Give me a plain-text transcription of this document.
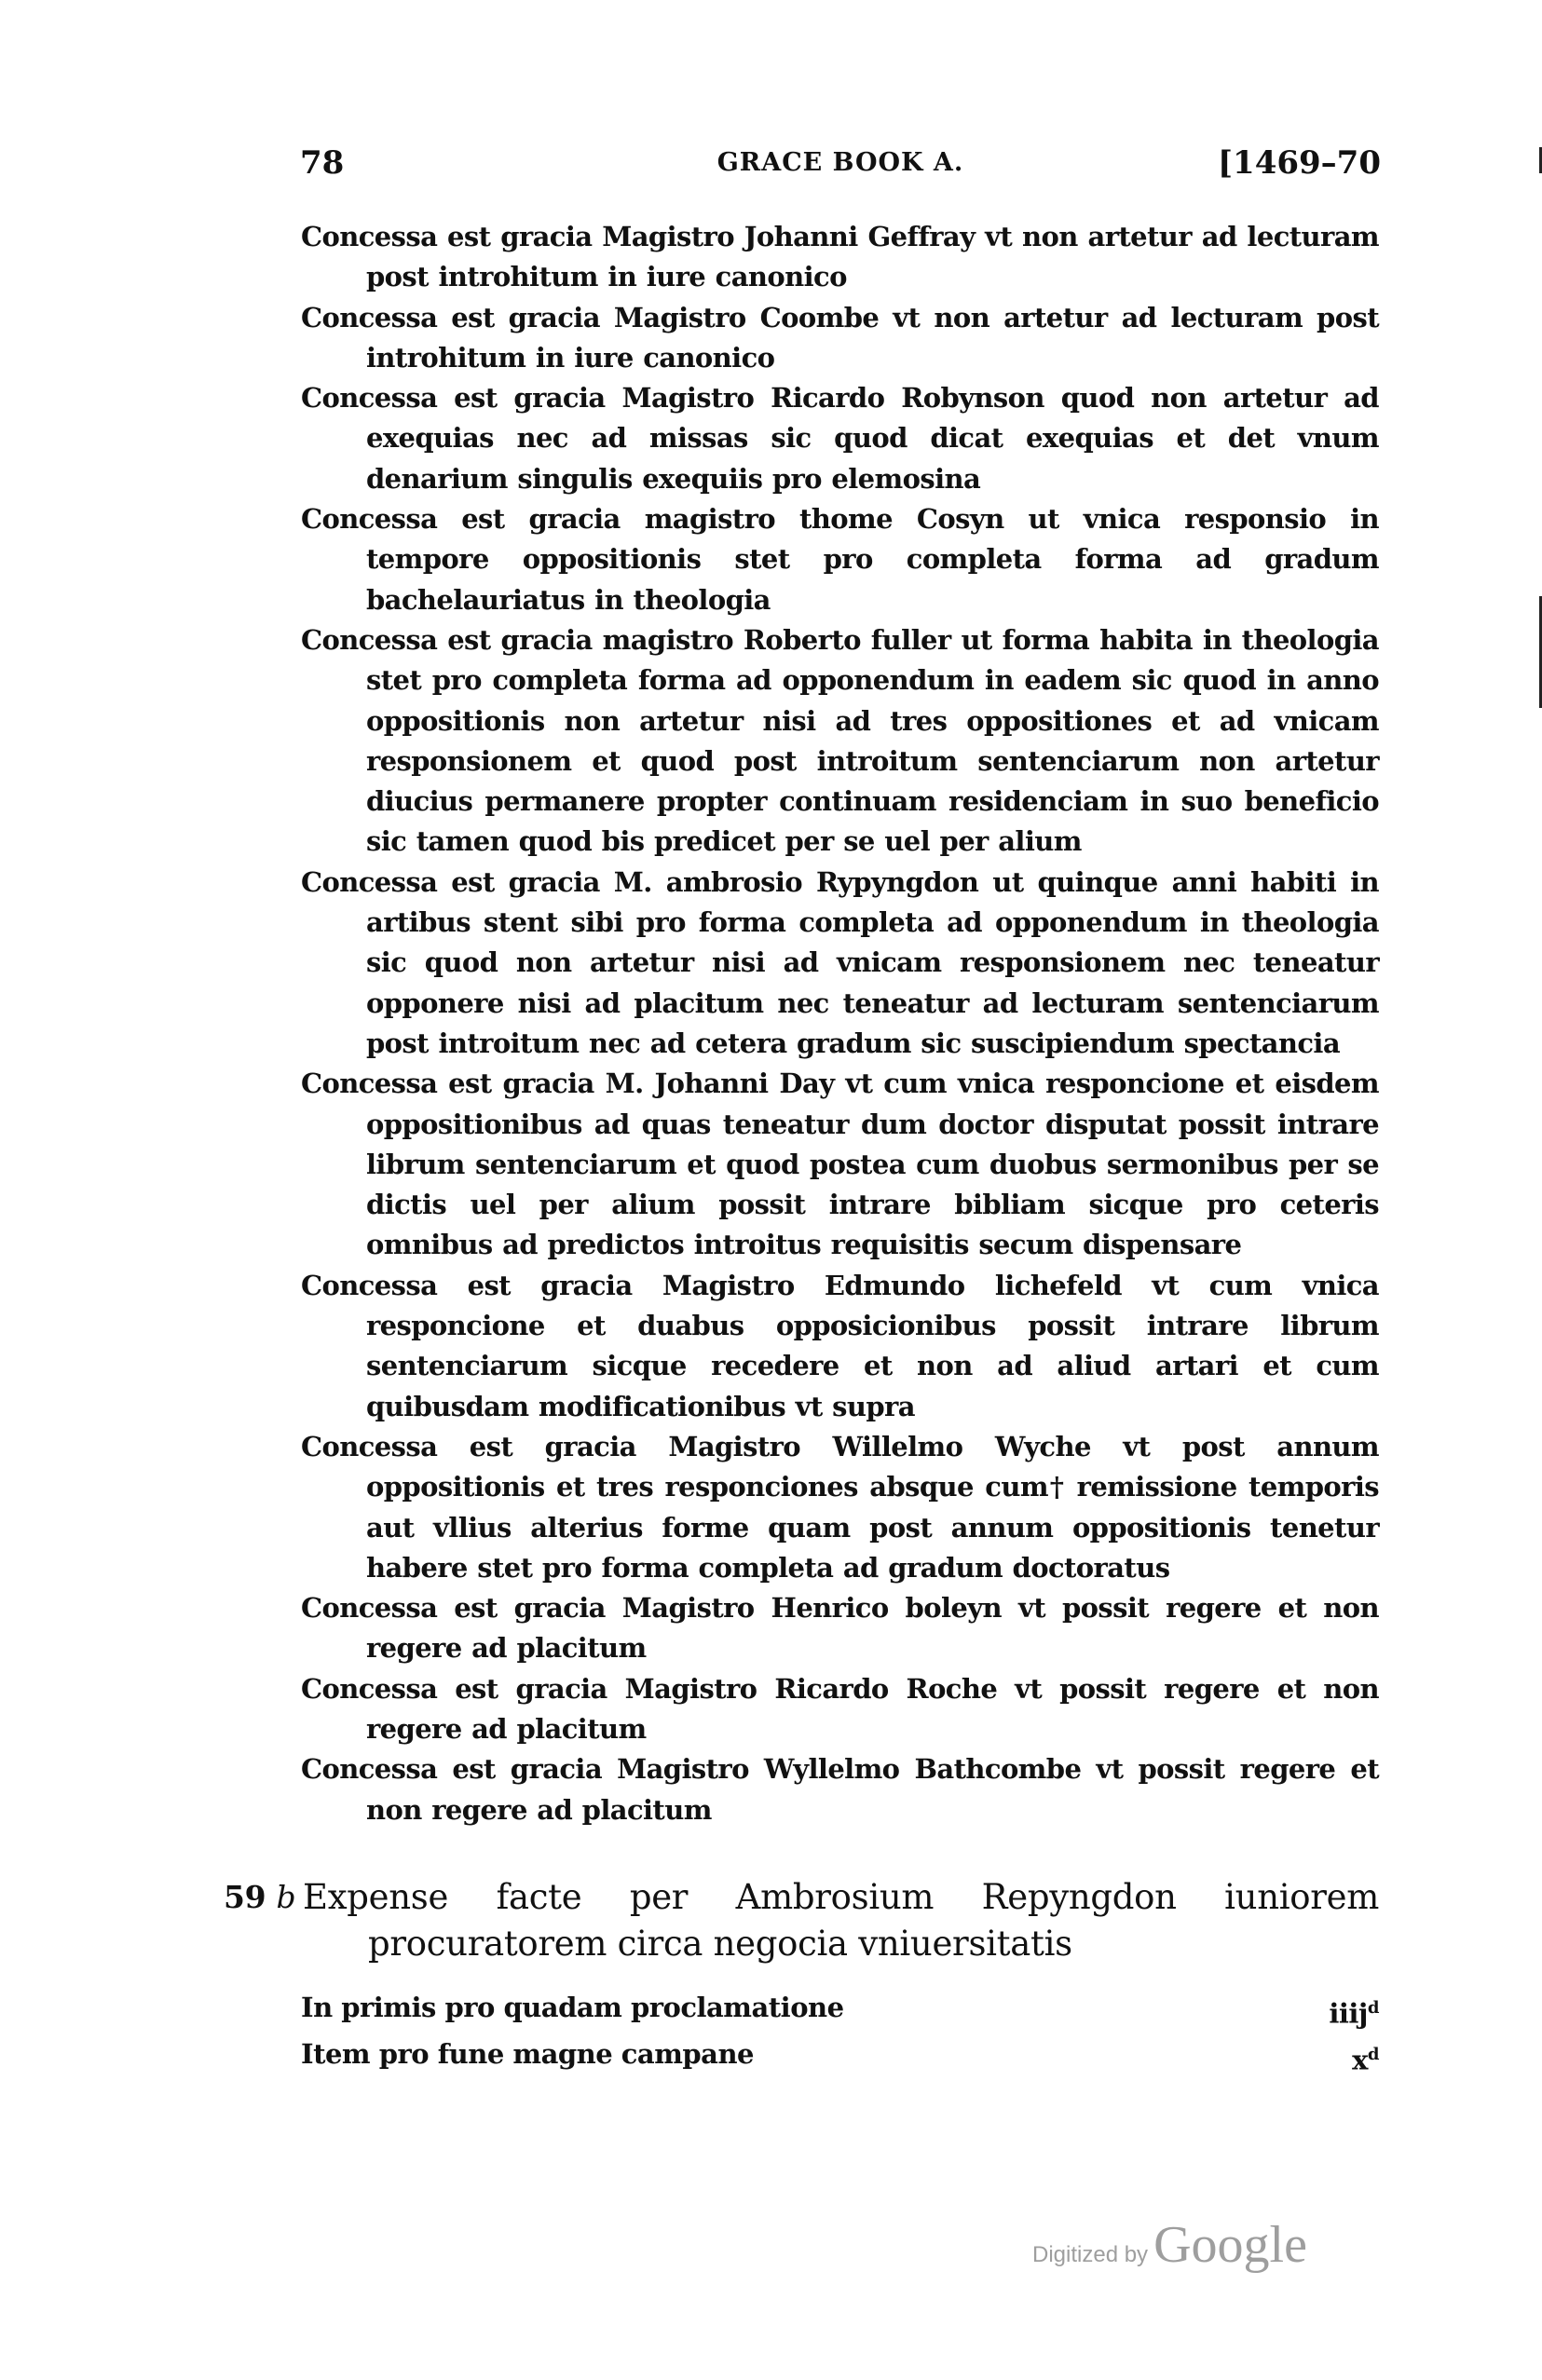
78	GRACE BOOK A.	[1469–70

Concessa est gracia Magistro Johanni Geffray vt non artetur ad lecturam post introhitum in iure canonico

Concessa est gracia Magistro Coombe vt non artetur ad lecturam post introhitum in iure canonico

Concessa est gracia Magistro Ricardo Robynson quod non artetur ad exequias nec ad missas sic quod dicat exequias et det vnum denarium singulis exequiis pro elemosina

Concessa est gracia magistro thome Cosyn ut vnica responsio in tempore oppositionis stet pro completa forma ad gradum bachelauriatus in theologia

Concessa est gracia magistro Roberto fuller ut forma habita in theologia stet pro completa forma ad opponendum in eadem sic quod in anno oppositionis non artetur nisi ad tres oppositiones et ad vnicam responsionem et quod post introitum sentenciarum non artetur diucius permanere propter continuam residenciam in suo beneficio sic tamen quod bis predicet per se uel per alium

Concessa est gracia M. ambrosio Rypyngdon ut quinque anni habiti in artibus stent sibi pro forma completa ad opponendum in theologia sic quod non artetur nisi ad vnicam responsionem nec teneatur opponere nisi ad placitum nec teneatur ad lecturam sentenciarum post introitum nec ad cetera gradum sic suscipiendum spectancia

Concessa est gracia M. Johanni Day vt cum vnica responcione et eisdem oppositionibus ad quas teneatur dum doctor disputat possit intrare librum sentenciarum et quod postea cum duobus sermonibus per se dictis uel per alium possit intrare bibliam sicque pro ceteris omnibus ad predictos introitus requisitis secum dispensare

Concessa est gracia Magistro Edmundo lichefeld vt cum vnica responcione et duabus opposicionibus possit intrare librum sentenciarum sicque recedere et non ad aliud artari et cum quibusdam modificationibus vt supra

Concessa est gracia Magistro Willelmo Wyche vt post annum oppositionis et tres responciones absque cum† remissione temporis aut vllius alterius forme quam post annum oppositionis tenetur habere stet pro forma completa ad gradum doctoratus

Concessa est gracia Magistro Henrico boleyn vt possit regere et non regere ad placitum

Concessa est gracia Magistro Ricardo Roche vt possit regere et non regere ad placitum

Concessa est gracia Magistro Wyllelmo Bathcombe vt possit regere et non regere ad placitum

59 b Expense facte per Ambrosium Repyngdon iuniorem procuratorem circa negocia vniuersitatis
In primis pro quadam proclamatione	iiij$^d$
Item pro fune magne campane	$x^d$
Digitized by Google
